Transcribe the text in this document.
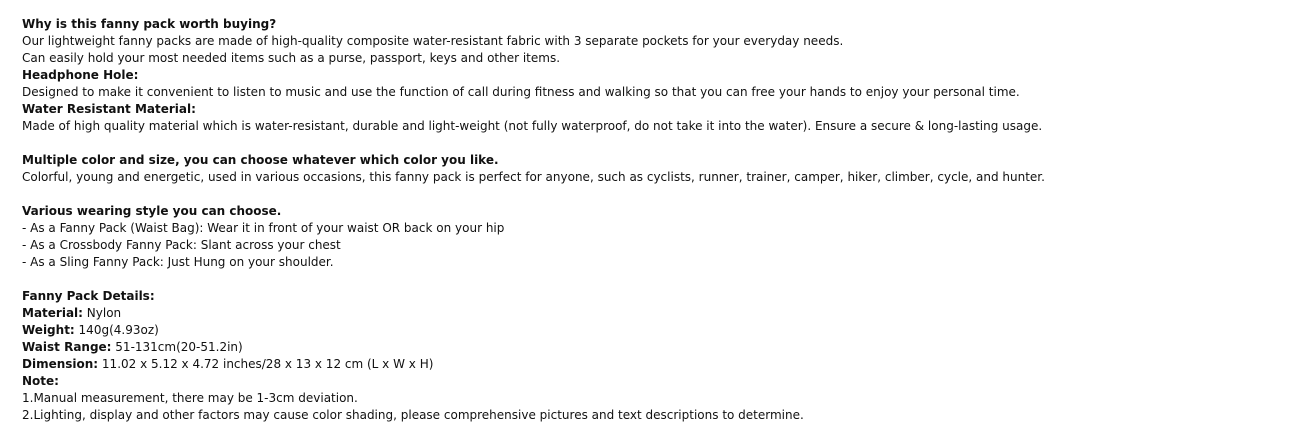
Why is this fanny pack worth buying?
Our lightweight fanny packs are made of high-quality composite water-resistant fabric with 3 separate pockets for your everyday needs.
Can easily hold your most needed items such as a purse, passport, keys and other items.
Headphone Hole:
Designed to make it convenient to listen to music and use the function of call during fitness and walking so that you can free your hands to enjoy your personal time.
Water Resistant Material:
Made of high quality material which is water-resistant, durable and light-weight (not fully waterproof, do not take it into the water). Ensure a secure & long-lasting usage.
Multiple color and size, you can choose whatever which color you like.
Colorful, young and energetic, used in various occasions, this fanny pack is perfect for anyone, such as cyclists, runner, trainer, camper, hiker, climber, cycle, and hunter.
Various wearing style you can choose.
- As a Fanny Pack (Waist Bag): Wear it in front of your waist OR back on your hip
- As a Crossbody Fanny Pack: Slant across your chest
- As a Sling Fanny Pack: Just Hung on your shoulder.
Fanny Pack Details:
Material: Nylon
Weight: 140g(4.93oz)
Waist Range: 51-131cm(20-51.2in)
Dimension: 11.02 x 5.12 x 4.72 inches/28 x 13 x 12 cm (L x W x H)
Note:
1.Manual measurement, there may be 1-3cm deviation.
2.Lighting, display and other factors may cause color shading, please comprehensive pictures and text descriptions to determine.
